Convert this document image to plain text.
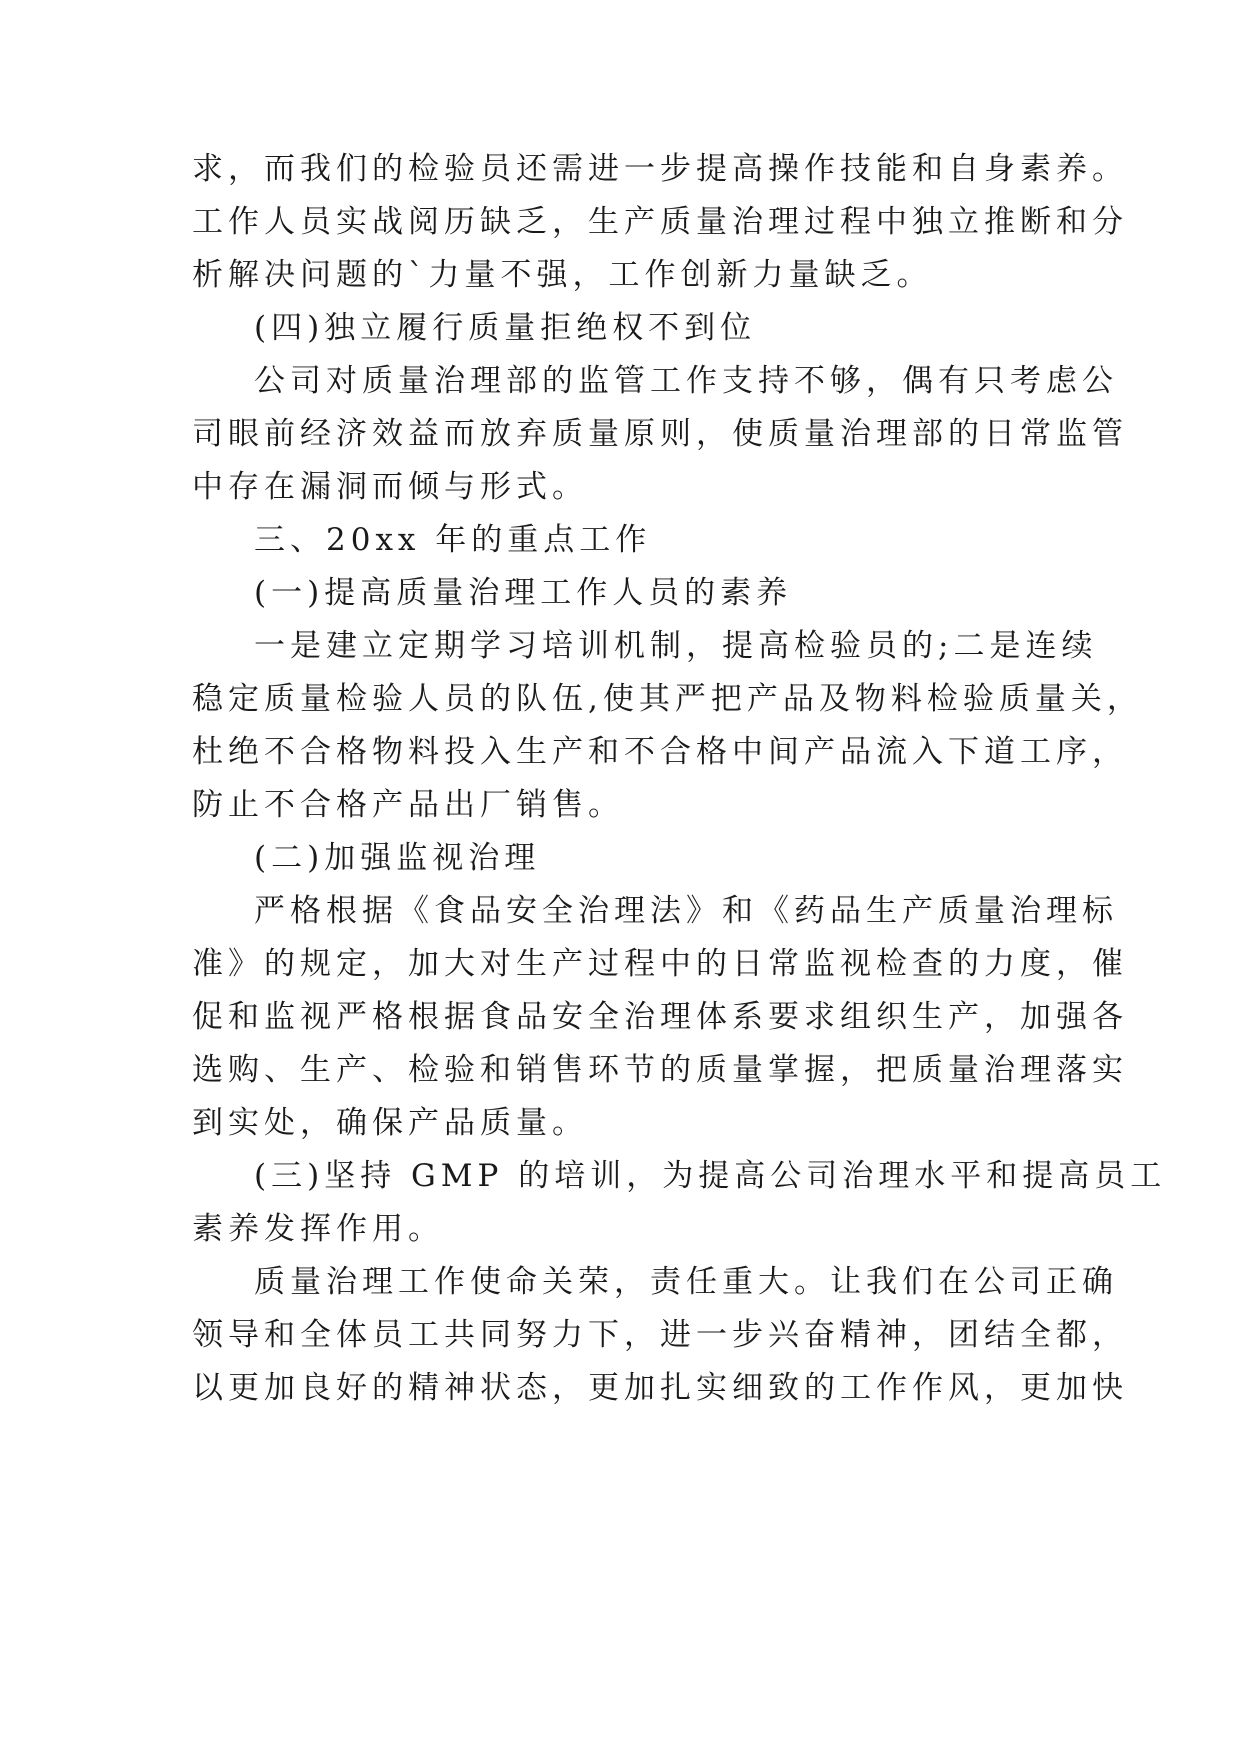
求，而我们的检验员还需进一步提高操作技能和自身素养。
工作人员实战阅历缺乏，生产质量治理过程中独立推断和分
析解决问题的`力量不强，工作创新力量缺乏。
(四)独立履行质量拒绝权不到位
公司对质量治理部的监管工作支持不够，偶有只考虑公
司眼前经济效益而放弃质量原则，使质量治理部的日常监管
中存在漏洞而倾与形式。
三、20xx 年的重点工作
(一)提高质量治理工作人员的素养
一是建立定期学习培训机制，提高检验员的;二是连续
稳定质量检验人员的队伍,使其严把产品及物料检验质量关，
杜绝不合格物料投入生产和不合格中间产品流入下道工序，
防止不合格产品出厂销售。
(二)加强监视治理
严格根据《食品安全治理法》和《药品生产质量治理标
准》的规定，加大对生产过程中的日常监视检查的力度，催
促和监视严格根据食品安全治理体系要求组织生产，加强各
选购、生产、检验和销售环节的质量掌握，把质量治理落实
到实处，确保产品质量。
(三)坚持 GMP 的培训，为提高公司治理水平和提高员工
素养发挥作用。
质量治理工作使命关荣，责任重大。让我们在公司正确
领导和全体员工共同努力下，进一步兴奋精神，团结全都，
以更加良好的精神状态，更加扎实细致的工作作风，更加快
